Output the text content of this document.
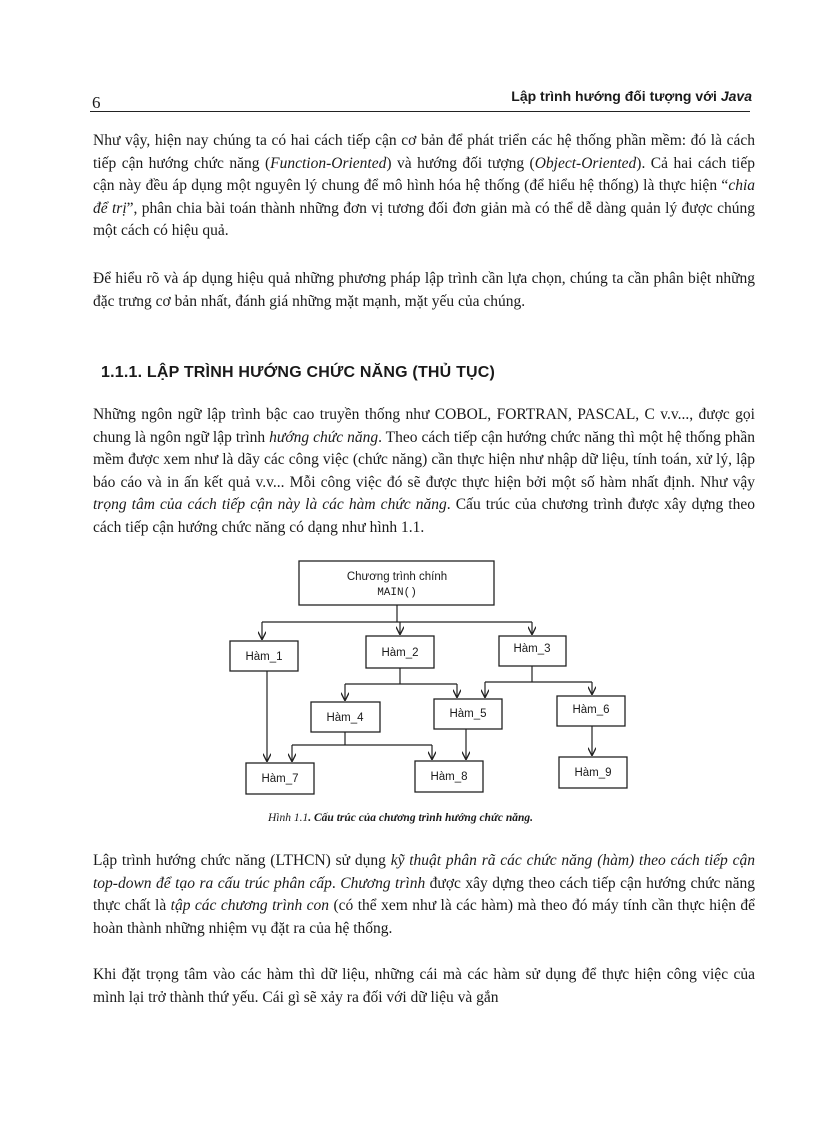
6	Lập trình hướng đối tượng với Java

Như vậy, hiện nay chúng ta có hai cách tiếp cận cơ bản để phát triển các hệ thống phần mềm: đó là cách tiếp cận hướng chức năng (Function-Oriented) và hướng đối tượng (Object-Oriented). Cả hai cách tiếp cận này đều áp dụng một nguyên lý chung để mô hình hóa hệ thống (để hiểu hệ thống) là thực hiện “chia để trị”, phân chia bài toán thành những đơn vị tương đối đơn giản mà có thể dễ dàng quản lý được chúng một cách có hiệu quả.

Để hiểu rõ và áp dụng hiệu quả những phương pháp lập trình cần lựa chọn, chúng ta cần phân biệt những đặc trưng cơ bản nhất, đánh giá những mặt mạnh, mặt yếu của chúng.

1.1.1. LẬP TRÌNH HƯỚNG CHỨC NĂNG (THỦ TỤC)

Những ngôn ngữ lập trình bậc cao truyền thống như COBOL, FORTRAN, PASCAL, C v.v..., được gọi chung là ngôn ngữ lập trình hướng chức năng. Theo cách tiếp cận hướng chức năng thì một hệ thống phần mềm được xem như là dãy các công việc (chức năng) cần thực hiện như nhập dữ liệu, tính toán, xử lý, lập báo cáo và in ấn kết quả v.v... Mỗi công việc đó sẽ được thực hiện bởi một số hàm nhất định. Như vậy trọng tâm của cách tiếp cận này là các hàm chức năng. Cấu trúc của chương trình được xây dựng theo cách tiếp cận hướng chức năng có dạng như hình 1.1.

Chương trình chính
MAIN()
Hàm_1	Hàm_2	Hàm_3
Hàm_4	Hàm_5	Hàm_6
Hàm_7	Hàm_8	Hàm_9

Hình 1.1. Cấu trúc của chương trình hướng chức năng.

Lập trình hướng chức năng (LTHCN) sử dụng kỹ thuật phân rã các chức năng (hàm) theo cách tiếp cận top-down để tạo ra cấu trúc phân cấp. Chương trình được xây dựng theo cách tiếp cận hướng chức năng thực chất là tập các chương trình con (có thể xem như là các hàm) mà theo đó máy tính cần thực hiện để hoàn thành những nhiệm vụ đặt ra của hệ thống.

Khi đặt trọng tâm vào các hàm thì dữ liệu, những cái mà các hàm sử dụng để thực hiện công việc của mình lại trở thành thứ yếu. Cái gì sẽ xảy ra đối với dữ liệu và gắn
